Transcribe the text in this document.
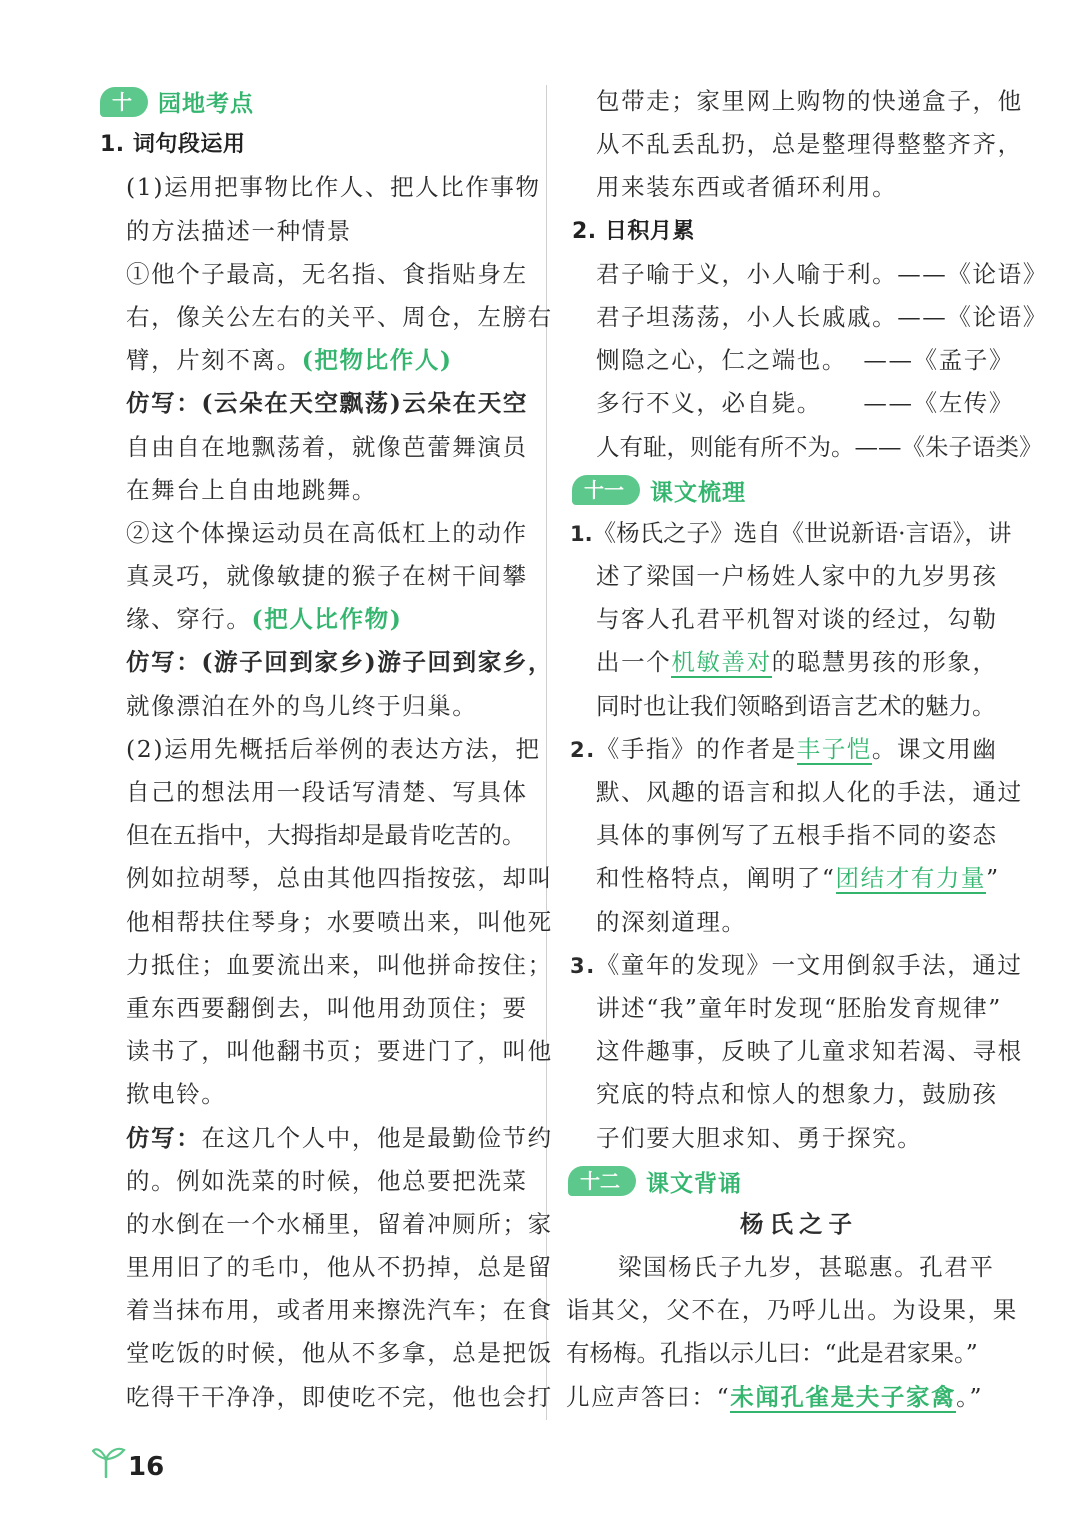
十	园地考点
1. 词句段运用
(1)运用把事物比作人、把人比作事物
的方法描述一种情景
①他个子最高，无名指、食指贴身左
右，像关公左右的关平、周仓，左膀右
臂，片刻不离。(把物比作人)
仿写：(云朵在天空飘荡)云朵在天空
自由自在地飘荡着，就像芭蕾舞演员
在舞台上自由地跳舞。
②这个体操运动员在高低杠上的动作
真灵巧，就像敏捷的猴子在树干间攀
缘、穿行。(把人比作物)
仿写：(游子回到家乡)游子回到家乡，
就像漂泊在外的鸟儿终于归巢。
(2)运用先概括后举例的表达方法，把
自己的想法用一段话写清楚、写具体
但在五指中，大拇指却是最肯吃苦的。
例如拉胡琴，总由其他四指按弦，却叫
他相帮扶住琴身；水要喷出来，叫他死
力抵住；血要流出来，叫他拼命按住；
重东西要翻倒去，叫他用劲顶住；要
读书了，叫他翻书页；要进门了，叫他
揿电铃。
仿写：在这几个人中，他是最勤俭节约
的。例如洗菜的时候，他总要把洗菜
的水倒在一个水桶里，留着冲厕所；家
里用旧了的毛巾，他从不扔掉，总是留
着当抹布用，或者用来擦洗汽车；在食
堂吃饭的时候，他从不多拿，总是把饭
吃得干干净净，即使吃不完，他也会打
包带走；家里网上购物的快递盒子，他
从不乱丢乱扔，总是整理得整整齐齐，
用来装东西或者循环利用。
2. 日积月累
君子喻于义，小人喻于利。 ——《论语》
君子坦荡荡，小人长戚戚。 ——《论语》
恻隐之心，仁之端也。 ——《孟子》
多行不义，必自毙。 ——《左传》
人有耻，则能有所不为。 ——《朱子语类》
十一	课文梳理
1.《杨氏之子》选自《世说新语·言语》，讲
述了梁国一户杨姓人家中的九岁男孩
与客人孔君平机智对谈的经过，勾勒
出一个机敏善对的聪慧男孩的形象，
同时也让我们领略到语言艺术的魅力。
2.《手指》的作者是丰子恺。课文用幽
默、风趣的语言和拟人化的手法，通过
具体的事例写了五根手指不同的姿态
和性格特点，阐明了“团结才有力量”
的深刻道理。
3.《童年的发现》一文用倒叙手法，通过
讲述“我”童年时发现“胚胎发育规律”
这件趣事，反映了儿童求知若渴、寻根
究底的特点和惊人的想象力，鼓励孩
子们要大胆求知、勇于探究。
十二	课文背诵
杨氏之子
梁国杨氏子九岁，甚聪惠。孔君平
诣其父，父不在，乃呼儿出。为设果，果
有杨梅。孔指以示儿曰：“此是君家果。”
儿应声答曰：“未闻孔雀是夫子家禽。”
16
